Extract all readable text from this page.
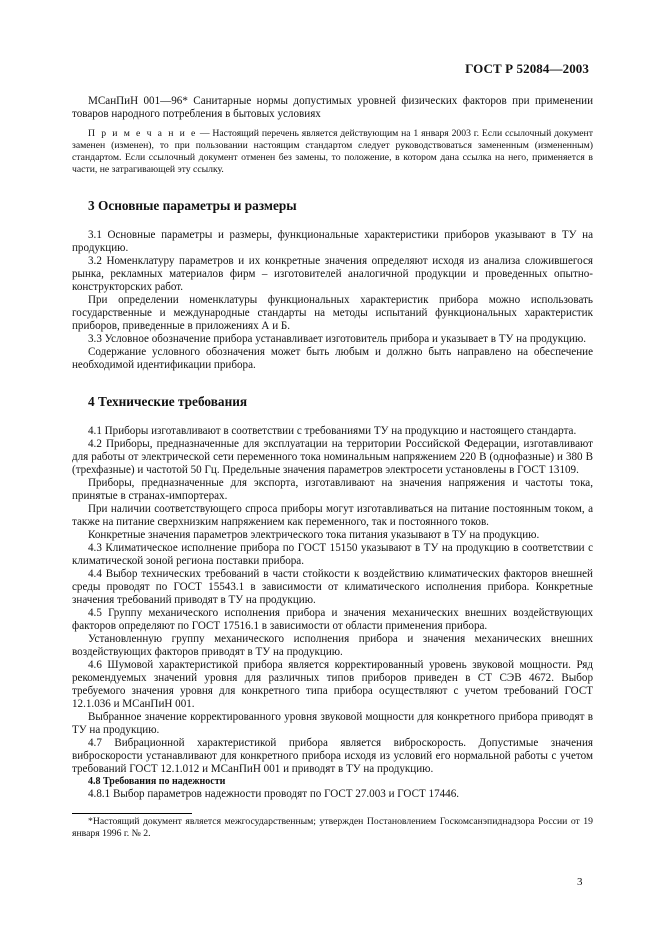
ГОСТ Р 52084—2003

МСанПиН 001—96* Санитарные нормы допустимых уровней физических факторов при применении товаров народного потребления в бытовых условиях

П р и м е ч а н и е — Настоящий перечень является действующим на 1 января 2003 г. Если ссылочный документ заменен (изменен), то при пользовании настоящим стандартом следует руководствоваться замененным (измененным) стандартом. Если ссылочный документ отменен без замены, то положение, в котором дана ссылка на него, применяется в части, не затрагивающей эту ссылку.

3 Основные параметры и размеры

3.1 Основные параметры и размеры, функциональные характеристики приборов указывают в ТУ на продукцию.

3.2 Номенклатуру параметров и их конкретные значения определяют исходя из анализа сложившегося рынка, рекламных материалов фирм – изготовителей аналогичной продукции и проведенных опытно-конструкторских работ.

При определении номенклатуры функциональных характеристик прибора можно использовать государственные и международные стандарты на методы испытаний функциональных характеристик приборов, приведенные в приложениях А и Б.

3.3 Условное обозначение прибора устанавливает изготовитель прибора и указывает в ТУ на продукцию.

Содержание условного обозначения может быть любым и должно быть направлено на обеспечение необходимой идентификации прибора.

4 Технические требования

4.1 Приборы изготавливают в соответствии с требованиями ТУ на продукцию и настоящего стандарта.

4.2 Приборы, предназначенные для эксплуатации на территории Российской Федерации, изготавливают для работы от электрической сети переменного тока номинальным напряжением 220 В (однофазные) и 380 В (трехфазные) и частотой 50 Гц. Предельные значения параметров электросети установлены в ГОСТ 13109.

Приборы, предназначенные для экспорта, изготавливают на значения напряжения и частоты тока, принятые в странах-импортерах.

При наличии соответствующего спроса приборы могут изготавливаться на питание постоянным током, а также на питание сверхнизким напряжением как переменного, так и постоянного токов.

Конкретные значения параметров электрического тока питания указывают в ТУ на продукцию.

4.3 Климатическое исполнение прибора по ГОСТ 15150 указывают в ТУ на продукцию в соответствии с климатической зоной региона поставки прибора.

4.4 Выбор технических требований в части стойкости к воздействию климатических факторов внешней среды проводят по ГОСТ 15543.1 в зависимости от климатического исполнения прибора. Конкретные значения требований приводят в ТУ на продукцию.

4.5 Группу механического исполнения прибора и значения механических внешних воздействующих факторов определяют по ГОСТ 17516.1 в зависимости от области применения прибора.

Установленную группу механического исполнения прибора и значения механических внешних воздействующих факторов приводят в ТУ на продукцию.

4.6 Шумовой характеристикой прибора является корректированный уровень звуковой мощности. Ряд рекомендуемых значений уровня для различных типов приборов приведен в СТ СЭВ 4672. Выбор требуемого значения уровня для конкретного типа прибора осуществляют с учетом требований ГОСТ 12.1.036 и МСанПиН 001.

Выбранное значение корректированного уровня звуковой мощности для конкретного прибора приводят в ТУ на продукцию.

4.7 Вибрационной характеристикой прибора является виброскорость. Допустимые значения виброскорости устанавливают для конкретного прибора исходя из условий его нормальной работы с учетом требований ГОСТ 12.1.012 и МСанПиН 001 и приводят в ТУ на продукцию.

4.8 Требования по надежности

4.8.1 Выбор параметров надежности проводят по ГОСТ 27.003 и ГОСТ 17446.

*Настоящий документ является межгосударственным; утвержден Постановлением Госкомсанэпиднадзора России от 19 января 1996 г. № 2.
3
